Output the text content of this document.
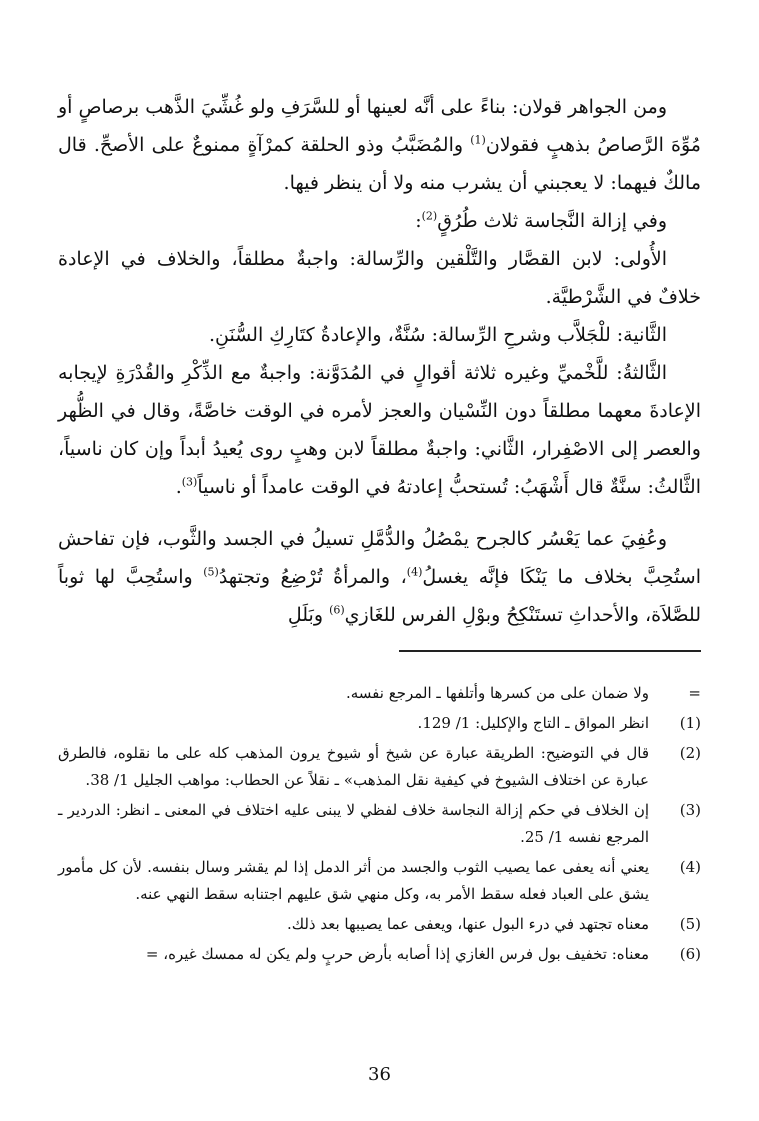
ومن الجواهر قولان: بناءً على أنَّه لعينها أو للسَّرَفِ ولو غُشِّيَ الذَّهب برصاصٍ أو مُوِّهَ الرَّصاصُ بذهبٍ فقولان$^{(1)}$ والمُضَبَّبُ وذو الحلقة كمرْآةٍ ممنوعٌ على الأصحِّ. قال مالكٌ فيهما: لا يعجبني أن يشرب منه ولا أن ينظر فيها.

وفي إزالة النَّجاسة ثلاث طُرُقٍ$^{(2)}$:

الأُولى: لابن القصَّار والتَّلْقين والرِّسالة: واجبةٌ مطلقاً، والخلاف في الإعادة خلافٌ في الشَّرْطيَّة.

الثَّانية: للْجَلاَّب وشرحِ الرِّسالة: سُنَّةٌ، والإعادةُ كتَارِكِ السُّنَنِ.

الثَّالثةُ: للَّخْميِّ وغيره ثلاثة أقوالٍ في المُدَوَّنة: واجبةٌ مع الذِّكْرِ والقُدْرَةِ لإيجابه الإعادةَ معهما مطلقاً دون النِّسْيان والعجز لأمره في الوقت خاصَّةً، وقال في الظُّهر والعصر إلى الاصْفِرار، الثَّاني: واجبةٌ مطلقاً لابن وهبٍ روى يُعيدُ أبداً وإن كان ناسياً، الثَّالثُ: سنَّةٌ قال أَشْهَبُ: تُستحبُّ إعادتهُ في الوقت عامداً أو ناسياً$^{(3)}$.

وعُفِيَ عما يَعْسُر كالجرح يمْصُلُ والدُّمَّلِ تسيلُ في الجسد والثَّوب، فإن تفاحش استُحِبَّ بخلاف ما يَنْكَا فإنَّه يغسلُ$^{(4)}$، والمرأةُ تُرْضِعُ وتجتهدُ$^{(5)}$ واستُحِبَّ لها ثوباً للصَّلاَة، والأحداثِ تستَنْكِحُ وبوْلِ الفرس للغَازي$^{(6)}$ وبَلَلِ

=
ولا ضمان على من كسرها وأتلفها ـ المرجع نفسه.
(1)
انظر المواق ـ التاج والإكليل: 1/ 129.
(2)
قال في التوضيح: الطريقة عبارة عن شيخ أو شيوخ يرون المذهب كله على ما نقلوه، فالطرق عبارة عن اختلاف الشيوخ في كيفية نقل المذهب» ـ نقلاً عن الحطاب: مواهب الجليل 1/ 38.
(3)
إن الخلاف في حكم إزالة النجاسة خلاف لفظي لا يبنى عليه اختلاف في المعنى ـ انظر: الدردير ـ المرجع نفسه 1/ 25.
(4)
يعني أنه يعفى عما يصيب الثوب والجسد من أثر الدمل إذا لم يقشر وسال بنفسه. لأن كل مأمور يشق على العباد فعله سقط الأمر به، وكل منهي شق عليهم اجتنابه سقط النهي عنه.
(5)
معناه تجتهد في درء البول عنها، ويعفى عما يصيبها بعد ذلك.
(6)
معناه: تخفيف بول فرس الغازي إذا أصابه بأرض حربٍ ولم يكن له ممسك غيره، =
36
